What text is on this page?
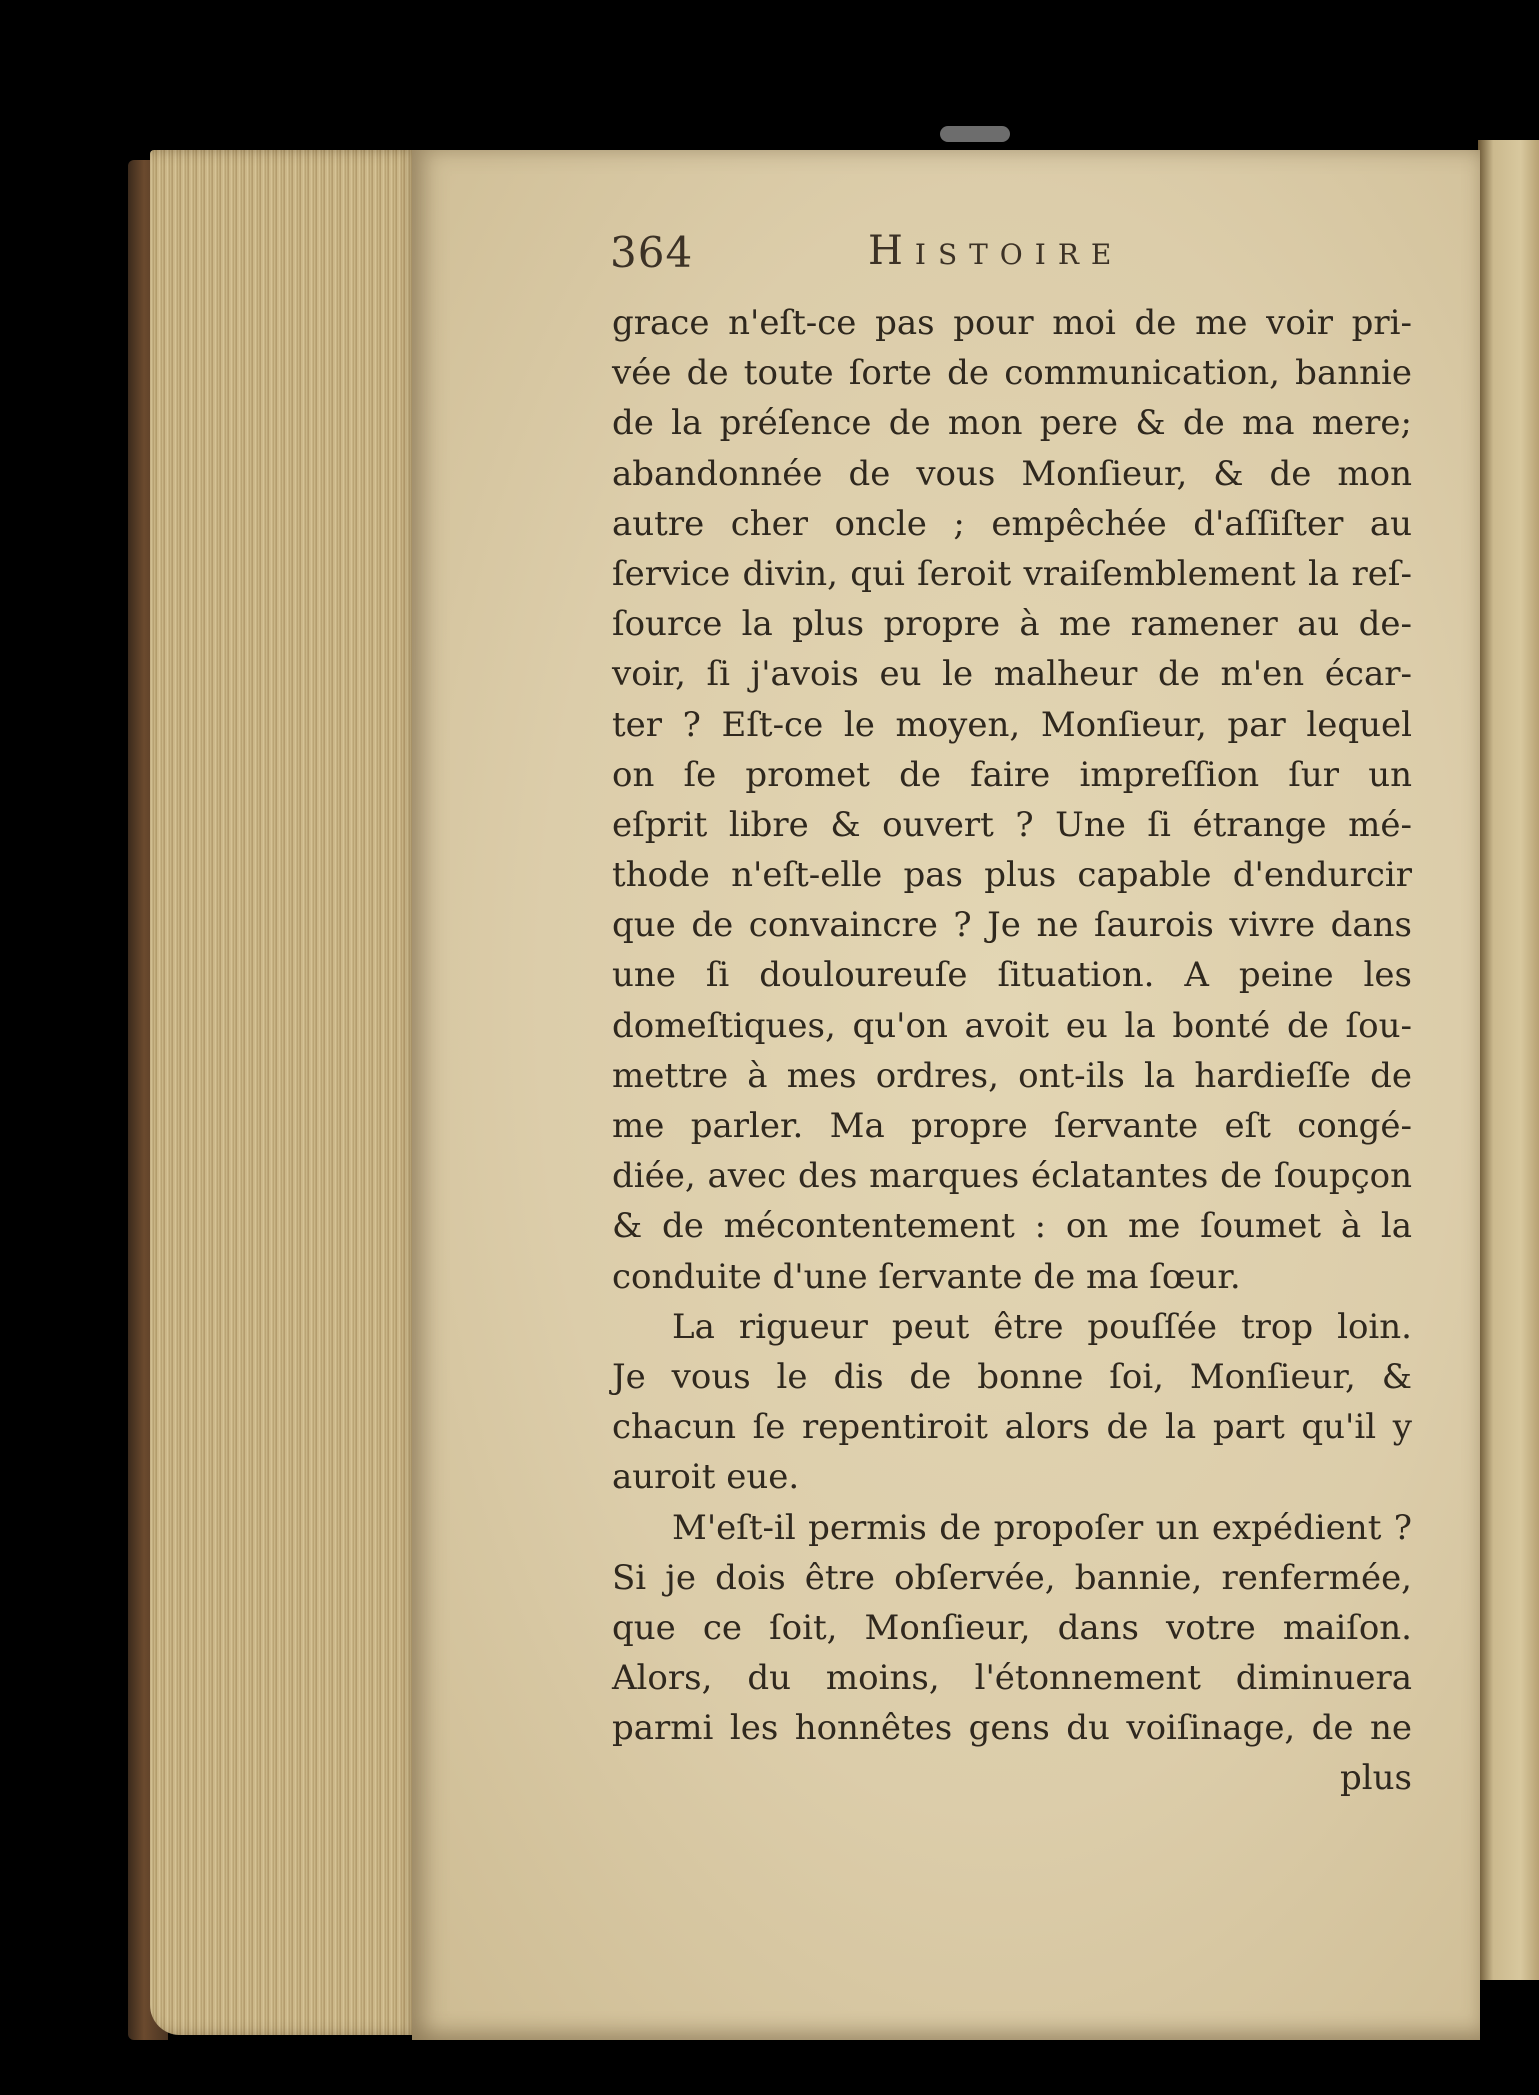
364	Histoire
grace n'eſt-ce pas pour moi de me voir pri-
vée de toute ſorte de communication, bannie
de la préſence de mon pere & de ma mere;
abandonnée de vous Monſieur, & de mon
autre cher oncle ; empêchée d'aſſiſter au
ſervice divin, qui ſeroit vraiſemblement la reſ-
ſource la plus propre à me ramener au de-
voir, ſi j'avois eu le malheur de m'en écar-
ter ? Eſt-ce le moyen, Monſieur, par lequel
on ſe promet de faire impreſſion ſur un
eſprit libre & ouvert ? Une ſi étrange mé-
thode n'eſt-elle pas plus capable d'endurcir
que de convaincre ? Je ne ſaurois vivre dans
une ſi douloureuſe ſituation. A peine les
domeſtiques, qu'on avoit eu la bonté de ſou-
mettre à mes ordres, ont-ils la hardieſſe de
me parler. Ma propre ſervante eſt congé-
diée, avec des marques éclatantes de ſoupçon
& de mécontentement : on me ſoumet à la
conduite d'une ſervante de ma ſœur.
La rigueur peut être pouſſée trop loin.
Je vous le dis de bonne ſoi, Monſieur, &
chacun ſe repentiroit alors de la part qu'il y
auroit eue.
M'eſt-il permis de propoſer un expédient ?
Si je dois être obſervée, bannie, renfermée,
que ce ſoit, Monſieur, dans votre maiſon.
Alors, du moins, l'étonnement diminuera
parmi les honnêtes gens du voiſinage, de ne
plus
